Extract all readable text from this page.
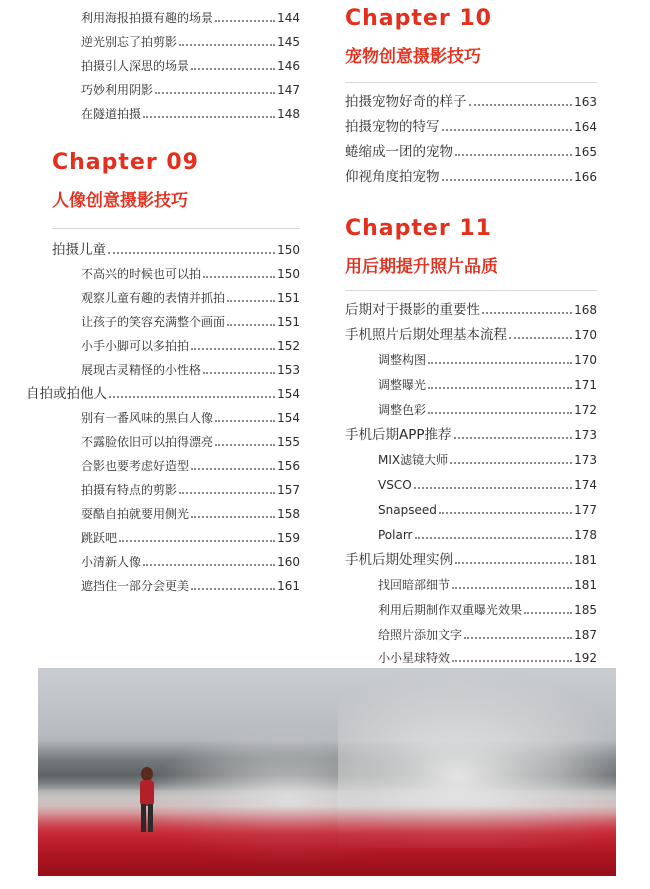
利用海报拍摄有趣的场景	144
逆光别忘了拍剪影	145
拍摄引人深思的场景	146
巧妙利用阴影	147
在隧道拍摄	148
Chapter 09
人像创意摄影技巧
拍摄儿童	150
不高兴的时候也可以拍	150
观察儿童有趣的表情并抓拍	151
让孩子的笑容充满整个画面	151
小手小脚可以多拍拍	152
展现古灵精怪的小性格	153
自拍或拍他人	154
别有一番风味的黑白人像	154
不露脸依旧可以拍得漂亮	155
合影也要考虑好造型	156
拍摄有特点的剪影	157
耍酷自拍就要用侧光	158
跳跃吧	159
小清新人像	160
遮挡住一部分会更美	161
Chapter 10
宠物创意摄影技巧
拍摄宠物好奇的样子	163
拍摄宠物的特写	164
蜷缩成一团的宠物	165
仰视角度拍宠物	166
Chapter 11
用后期提升照片品质
后期对于摄影的重要性	168
手机照片后期处理基本流程	170
调整构图	170
调整曝光	171
调整色彩	172
手机后期APP推荐	173
MIX滤镜大师	173
VSCO	174
Snapseed	177
Polarr	178
手机后期处理实例	181
找回暗部细节	181
利用后期制作双重曝光效果	185
给照片添加文字	187
小小星球特效	192
